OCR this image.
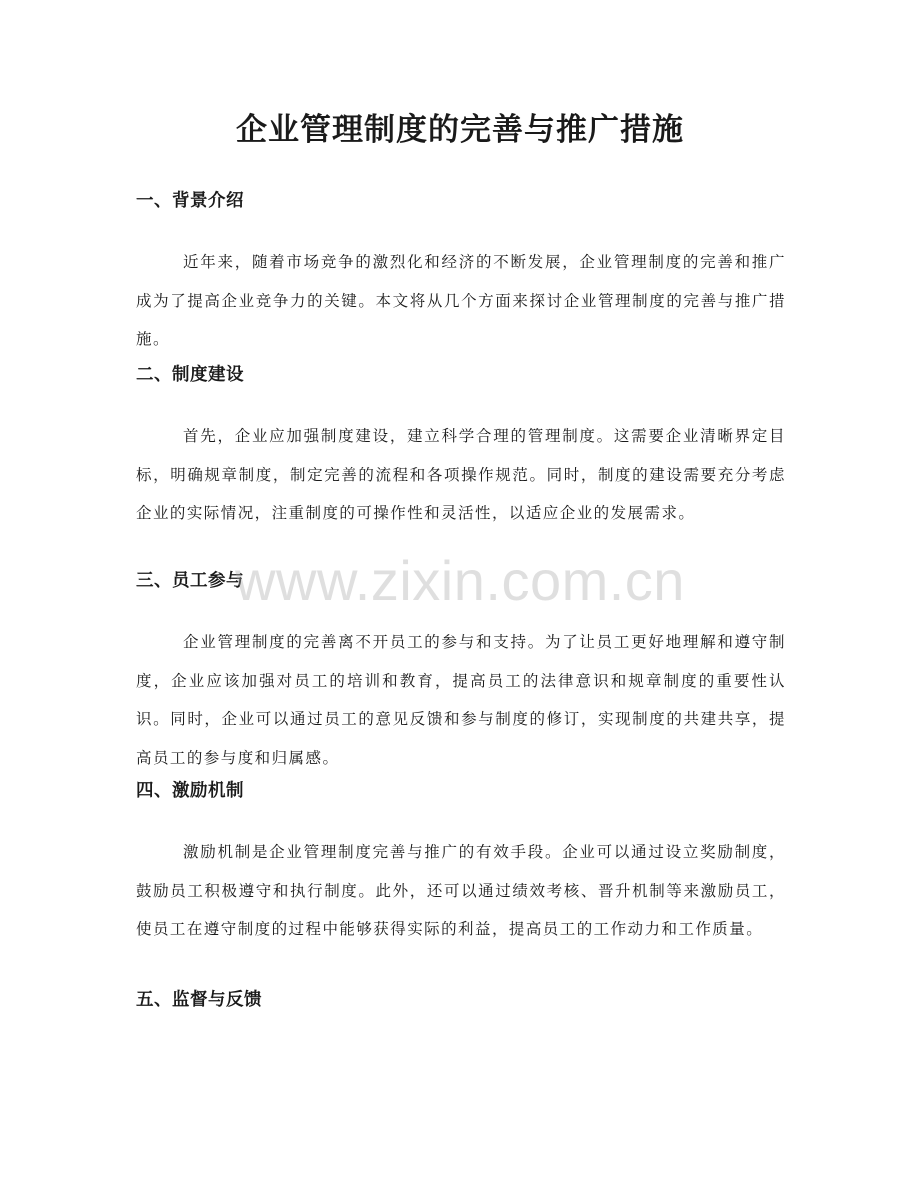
企业管理制度的完善与推广措施
一、背景介绍

近年来，随着市场竞争的激烈化和经济的不断发展，企业管理制度的完善和推广成为了提高企业竞争力的关键。本文将从几个方面来探讨企业管理制度的完善与推广措施。

二、制度建设

首先，企业应加强制度建设，建立科学合理的管理制度。这需要企业清晰界定目标，明确规章制度，制定完善的流程和各项操作规范。同时，制度的建设需要充分考虑企业的实际情况，注重制度的可操作性和灵活性，以适应企业的发展需求。

三、员工参与

企业管理制度的完善离不开员工的参与和支持。为了让员工更好地理解和遵守制度，企业应该加强对员工的培训和教育，提高员工的法律意识和规章制度的重要性认识。同时，企业可以通过员工的意见反馈和参与制度的修订，实现制度的共建共享，提高员工的参与度和归属感。

四、激励机制

激励机制是企业管理制度完善与推广的有效手段。企业可以通过设立奖励制度，鼓励员工积极遵守和执行制度。此外，还可以通过绩效考核、晋升机制等来激励员工，使员工在遵守制度的过程中能够获得实际的利益，提高员工的工作动力和工作质量。

五、监督与反馈
www.zixin.com.cn
